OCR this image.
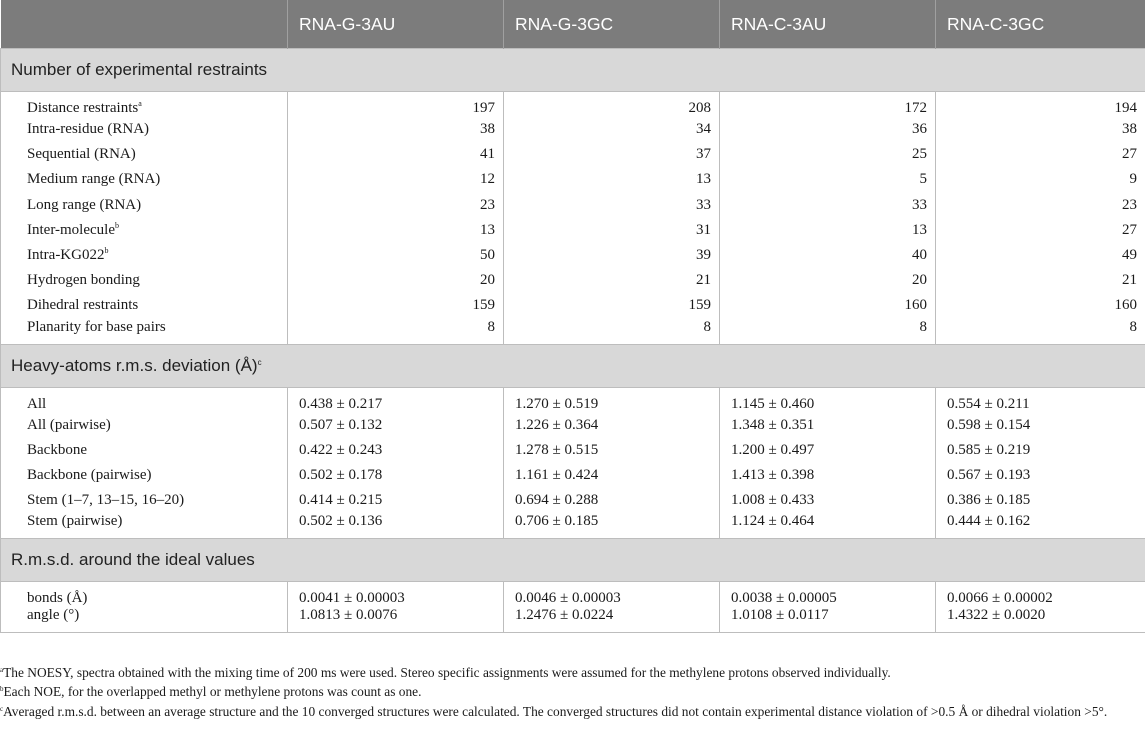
	RNA-G-3AU	RNA-G-3GC	RNA-C-3AU	RNA-C-3GC
Number of experimental restraints				
Distance restraints$^a$	197	208	172	194
Intra-residue (RNA)	38	34	36	38
Sequential (RNA)	41	37	25	27
Medium range (RNA)	12	13	5	9
Long range (RNA)	23	33	33	23
Inter-molecule$^b$	13	31	13	27
Intra-KG022$^b$	50	39	40	49
Hydrogen bonding	20	21	20	21
Dihedral restraints	159	159	160	160
Planarity for base pairs	8	8	8	8
Heavy-atoms r.m.s. deviation (Å)$^c$
All	0.438 ± 0.217	1.270 ± 0.519	1.145 ± 0.460	0.554 ± 0.211
All (pairwise)	0.507 ± 0.132	1.226 ± 0.364	1.348 ± 0.351	0.598 ± 0.154
Backbone	0.422 ± 0.243	1.278 ± 0.515	1.200 ± 0.497	0.585 ± 0.219
Backbone (pairwise)	0.502 ± 0.178	1.161 ± 0.424	1.413 ± 0.398	0.567 ± 0.193
Stem (1–7, 13–15, 16–20)	0.414 ± 0.215	0.694 ± 0.288	1.008 ± 0.433	0.386 ± 0.185
Stem (pairwise)	0.502 ± 0.136	0.706 ± 0.185	1.124 ± 0.464	0.444 ± 0.162
R.m.s.d. around the ideal values				
bonds (Å)	0.0041 ± 0.00003	0.0046 ± 0.00003	0.0038 ± 0.00005	0.0066 ± 0.00002
angle (°)	1.0813 ± 0.0076	1.2476 ± 0.0224	1.0108 ± 0.0117	1.4322 ± 0.0020

$^a$The NOESY, spectra obtained with the mixing time of 200 ms were used. Stereo specific assignments were assumed for the methylene protons observed individually.

$^b$Each NOE, for the overlapped methyl or methylene protons was count as one.

$^c$Averaged r.m.s.d. between an average structure and the 10 converged structures were calculated. The converged structures did not contain experimental distance violation of >0.5 Å or dihedral violation >5°.
